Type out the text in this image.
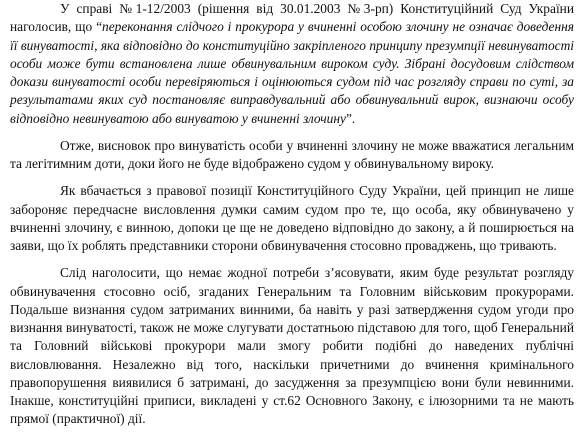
У справі №1-12/2003 (рішення від 30.01.2003 №3-рп) Конституційний Суд України наголосив, що “переконання слідчого і прокурора у вчиненні особою злочину не означає доведення її винуватості, яка відповідно до конституційно закріпленого принципу презумпції невинуватості особи може бути встановлена лише обвинувальним вироком суду. Зібрані досудовим слідством докази винуватості особи перевіряються і оцінюються судом під час розгляду справи по суті, за результатами яких суд постановляє виправдувальний або обвинувальний вирок, визнаючи особу відповідно невинуватою або винуватою у вчиненні злочину”.

Отже, висновок про винуватість особи у вчиненні злочину не може вважатися легальним та легітимним доти, доки його не буде відображено судом у обвинувальному вироку.

Як вбачається з правової позиції Конституційного Суду України, цей принцип не лише забороняє передчасне висловлення думки самим судом про те, що особа, яку обвинувачено у вчиненні злочину, є винною, допоки це ще не доведено відповідно до закону, а й поширюється на заяви, що їх роблять представники сторони обвинувачення стосовно проваджень, що тривають.

Слід наголосити, що немає жодної потреби з’ясовувати, яким буде результат розгляду обвинувачення стосовно осіб, згаданих Генеральним та Головним військовим прокурорами. Подальше визнання судом затриманих винними, ба навіть у разі затвердження судом угоди про визнання винуватості, також не може слугувати достатньою підставою для того, щоб Генеральний та Головний військові прокурори мали змогу робити подібні до наведених публічні висловлювання. Незалежно від того, наскільки причетними до вчинення кримінального правопорушення виявилися б затримані, до засудження за презумпцією вони були невинними. Інакше, конституційні приписи, викладені у ст.62 Основного Закону, є ілюзорними та не мають прямої (практичної) дії.
